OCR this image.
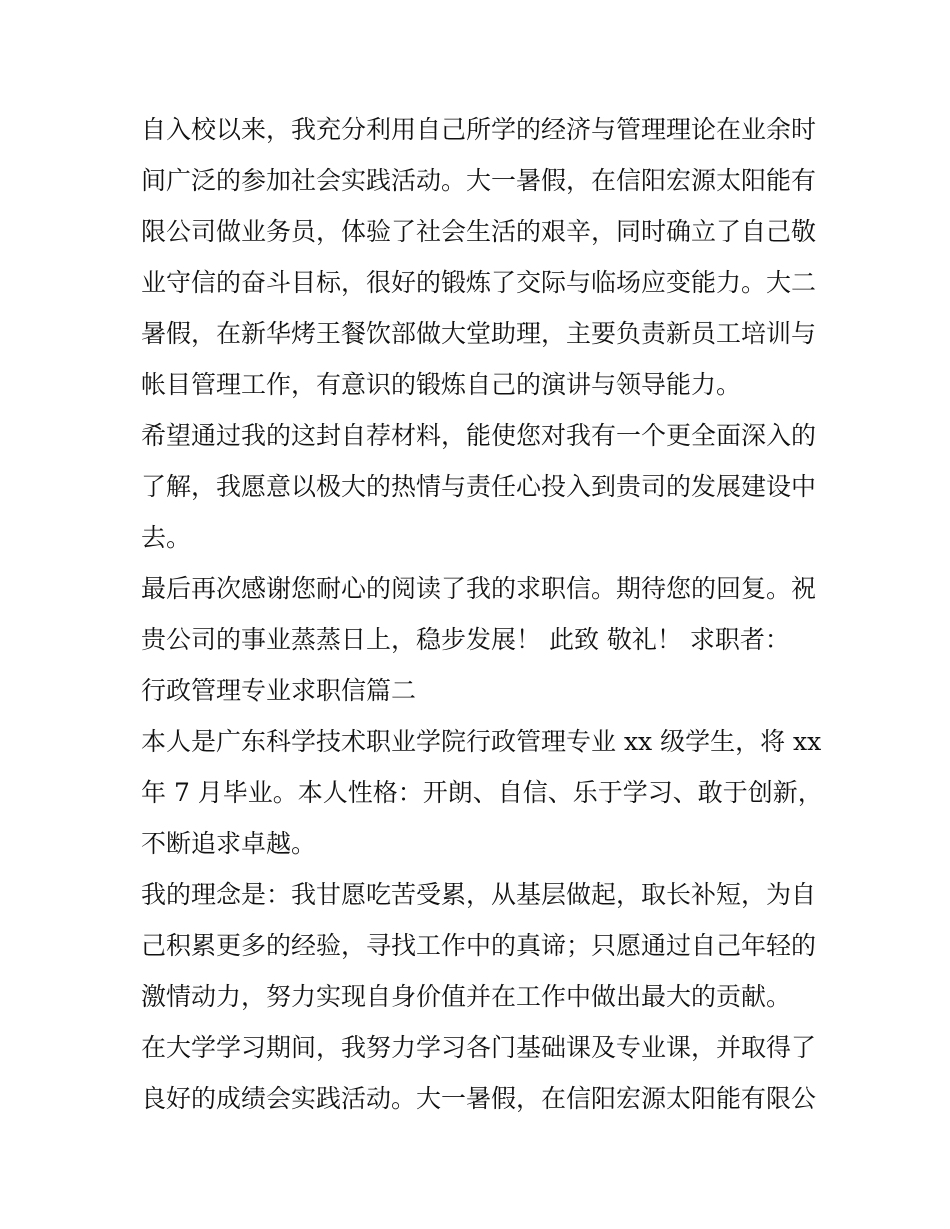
自入校以来，我充分利用自己所学的经济与管理理论在业余时
间广泛的参加社会实践活动。大一暑假，在信阳宏源太阳能有
限公司做业务员，体验了社会生活的艰辛，同时确立了自己敬
业守信的奋斗目标，很好的锻炼了交际与临场应变能力。大二
暑假，在新华烤王餐饮部做大堂助理，主要负责新员工培训与
帐目管理工作，有意识的锻炼自己的演讲与领导能力。
希望通过我的这封自荐材料，能使您对我有一个更全面深入的
了解，我愿意以极大的热情与责任心投入到贵司的发展建设中
去。
最后再次感谢您耐心的阅读了我的求职信。期待您的回复。祝
贵公司的事业蒸蒸日上，稳步发展！ 此致 敬礼！ 求职者：
行政管理专业求职信篇二
本人是广东科学技术职业学院行政管理专业 xx 级学生，将 xx
年 7 月毕业。本人性格：开朗、自信、乐于学习、敢于创新，
不断追求卓越。
我的理念是：我甘愿吃苦受累，从基层做起，取长补短，为自
己积累更多的经验，寻找工作中的真谛；只愿通过自己年轻的
激情动力，努力实现自身价值并在工作中做出最大的贡献。
在大学学习期间，我努力学习各门基础课及专业课，并取得了
良好的成绩会实践活动。大一暑假，在信阳宏源太阳能有限公
